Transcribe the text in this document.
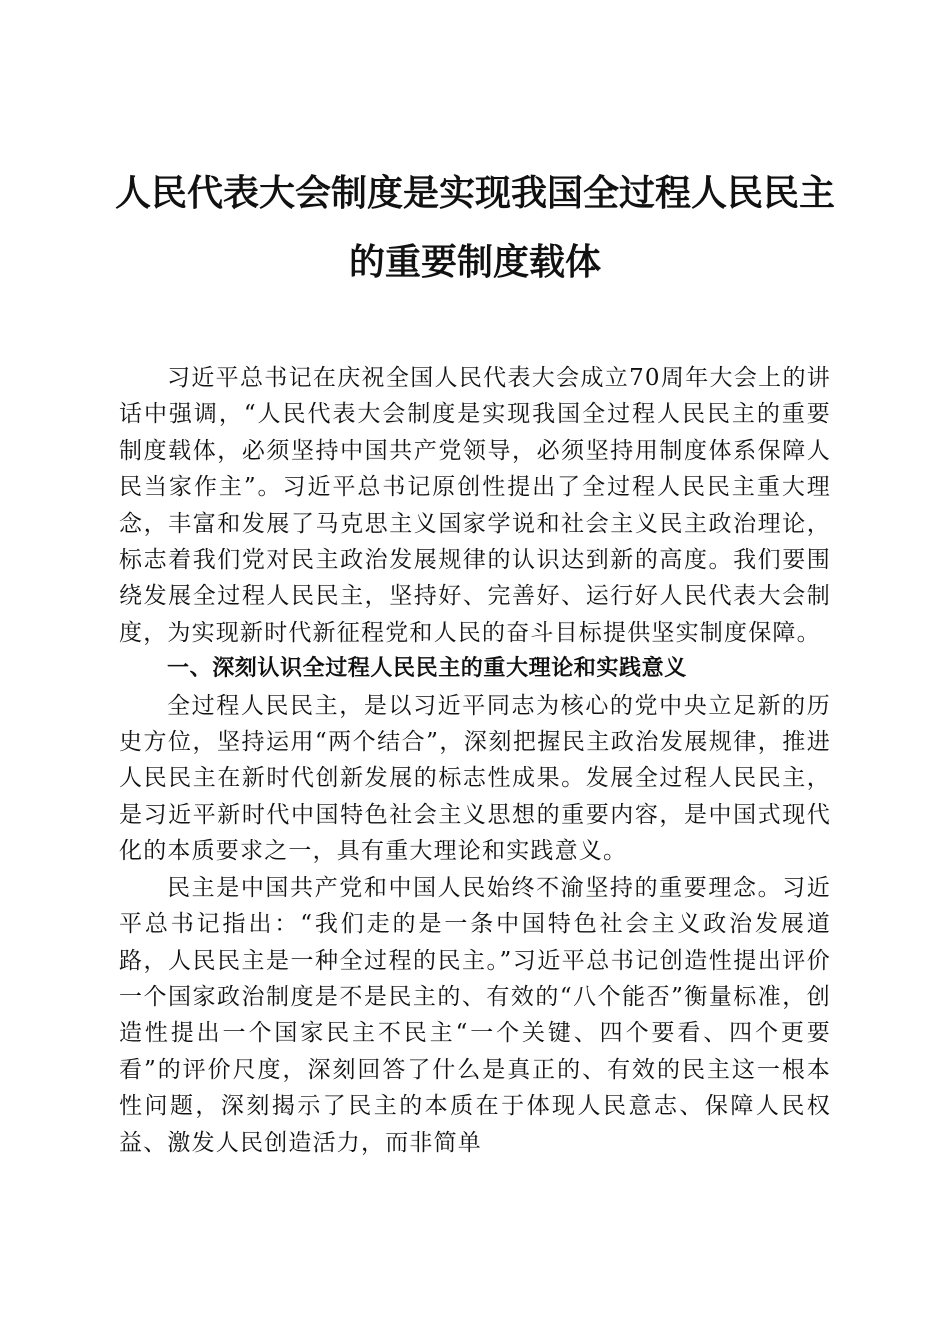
人民代表大会制度是实现我国全过程人民民主
的重要制度载体

习近平总书记在庆祝全国人民代表大会成立70周年大会上的讲话中强调，“人民代表大会制度是实现我国全过程人民民主的重要制度载体，必须坚持中国共产党领导，必须坚持用制度体系保障人民当家作主”。习近平总书记原创性提出了全过程人民民主重大理念，丰富和发展了马克思主义国家学说和社会主义民主政治理论，标志着我们党对民主政治发展规律的认识达到新的高度。我们要围绕发展全过程人民民主，坚持好、完善好、运行好人民代表大会制度，为实现新时代新征程党和人民的奋斗目标提供坚实制度保障。

一、深刻认识全过程人民民主的重大理论和实践意义

全过程人民民主，是以习近平同志为核心的党中央立足新的历史方位，坚持运用“两个结合”，深刻把握民主政治发展规律，推进人民民主在新时代创新发展的标志性成果。发展全过程人民民主，是习近平新时代中国特色社会主义思想的重要内容，是中国式现代化的本质要求之一，具有重大理论和实践意义。

民主是中国共产党和中国人民始终不渝坚持的重要理念。习近平总书记指出：“我们走的是一条中国特色社会主义政治发展道路，人民民主是一种全过程的民主。”习近平总书记创造性提出评价一个国家政治制度是不是民主的、有效的“八个能否”衡量标准，创造性提出一个国家民主不民主“一个关键、四个要看、四个更要看”的评价尺度，深刻回答了什么是真正的、有效的民主这一根本性问题，深刻揭示了民主的本质在于体现人民意志、保障人民权益、激发人民创造活力，而非简单
